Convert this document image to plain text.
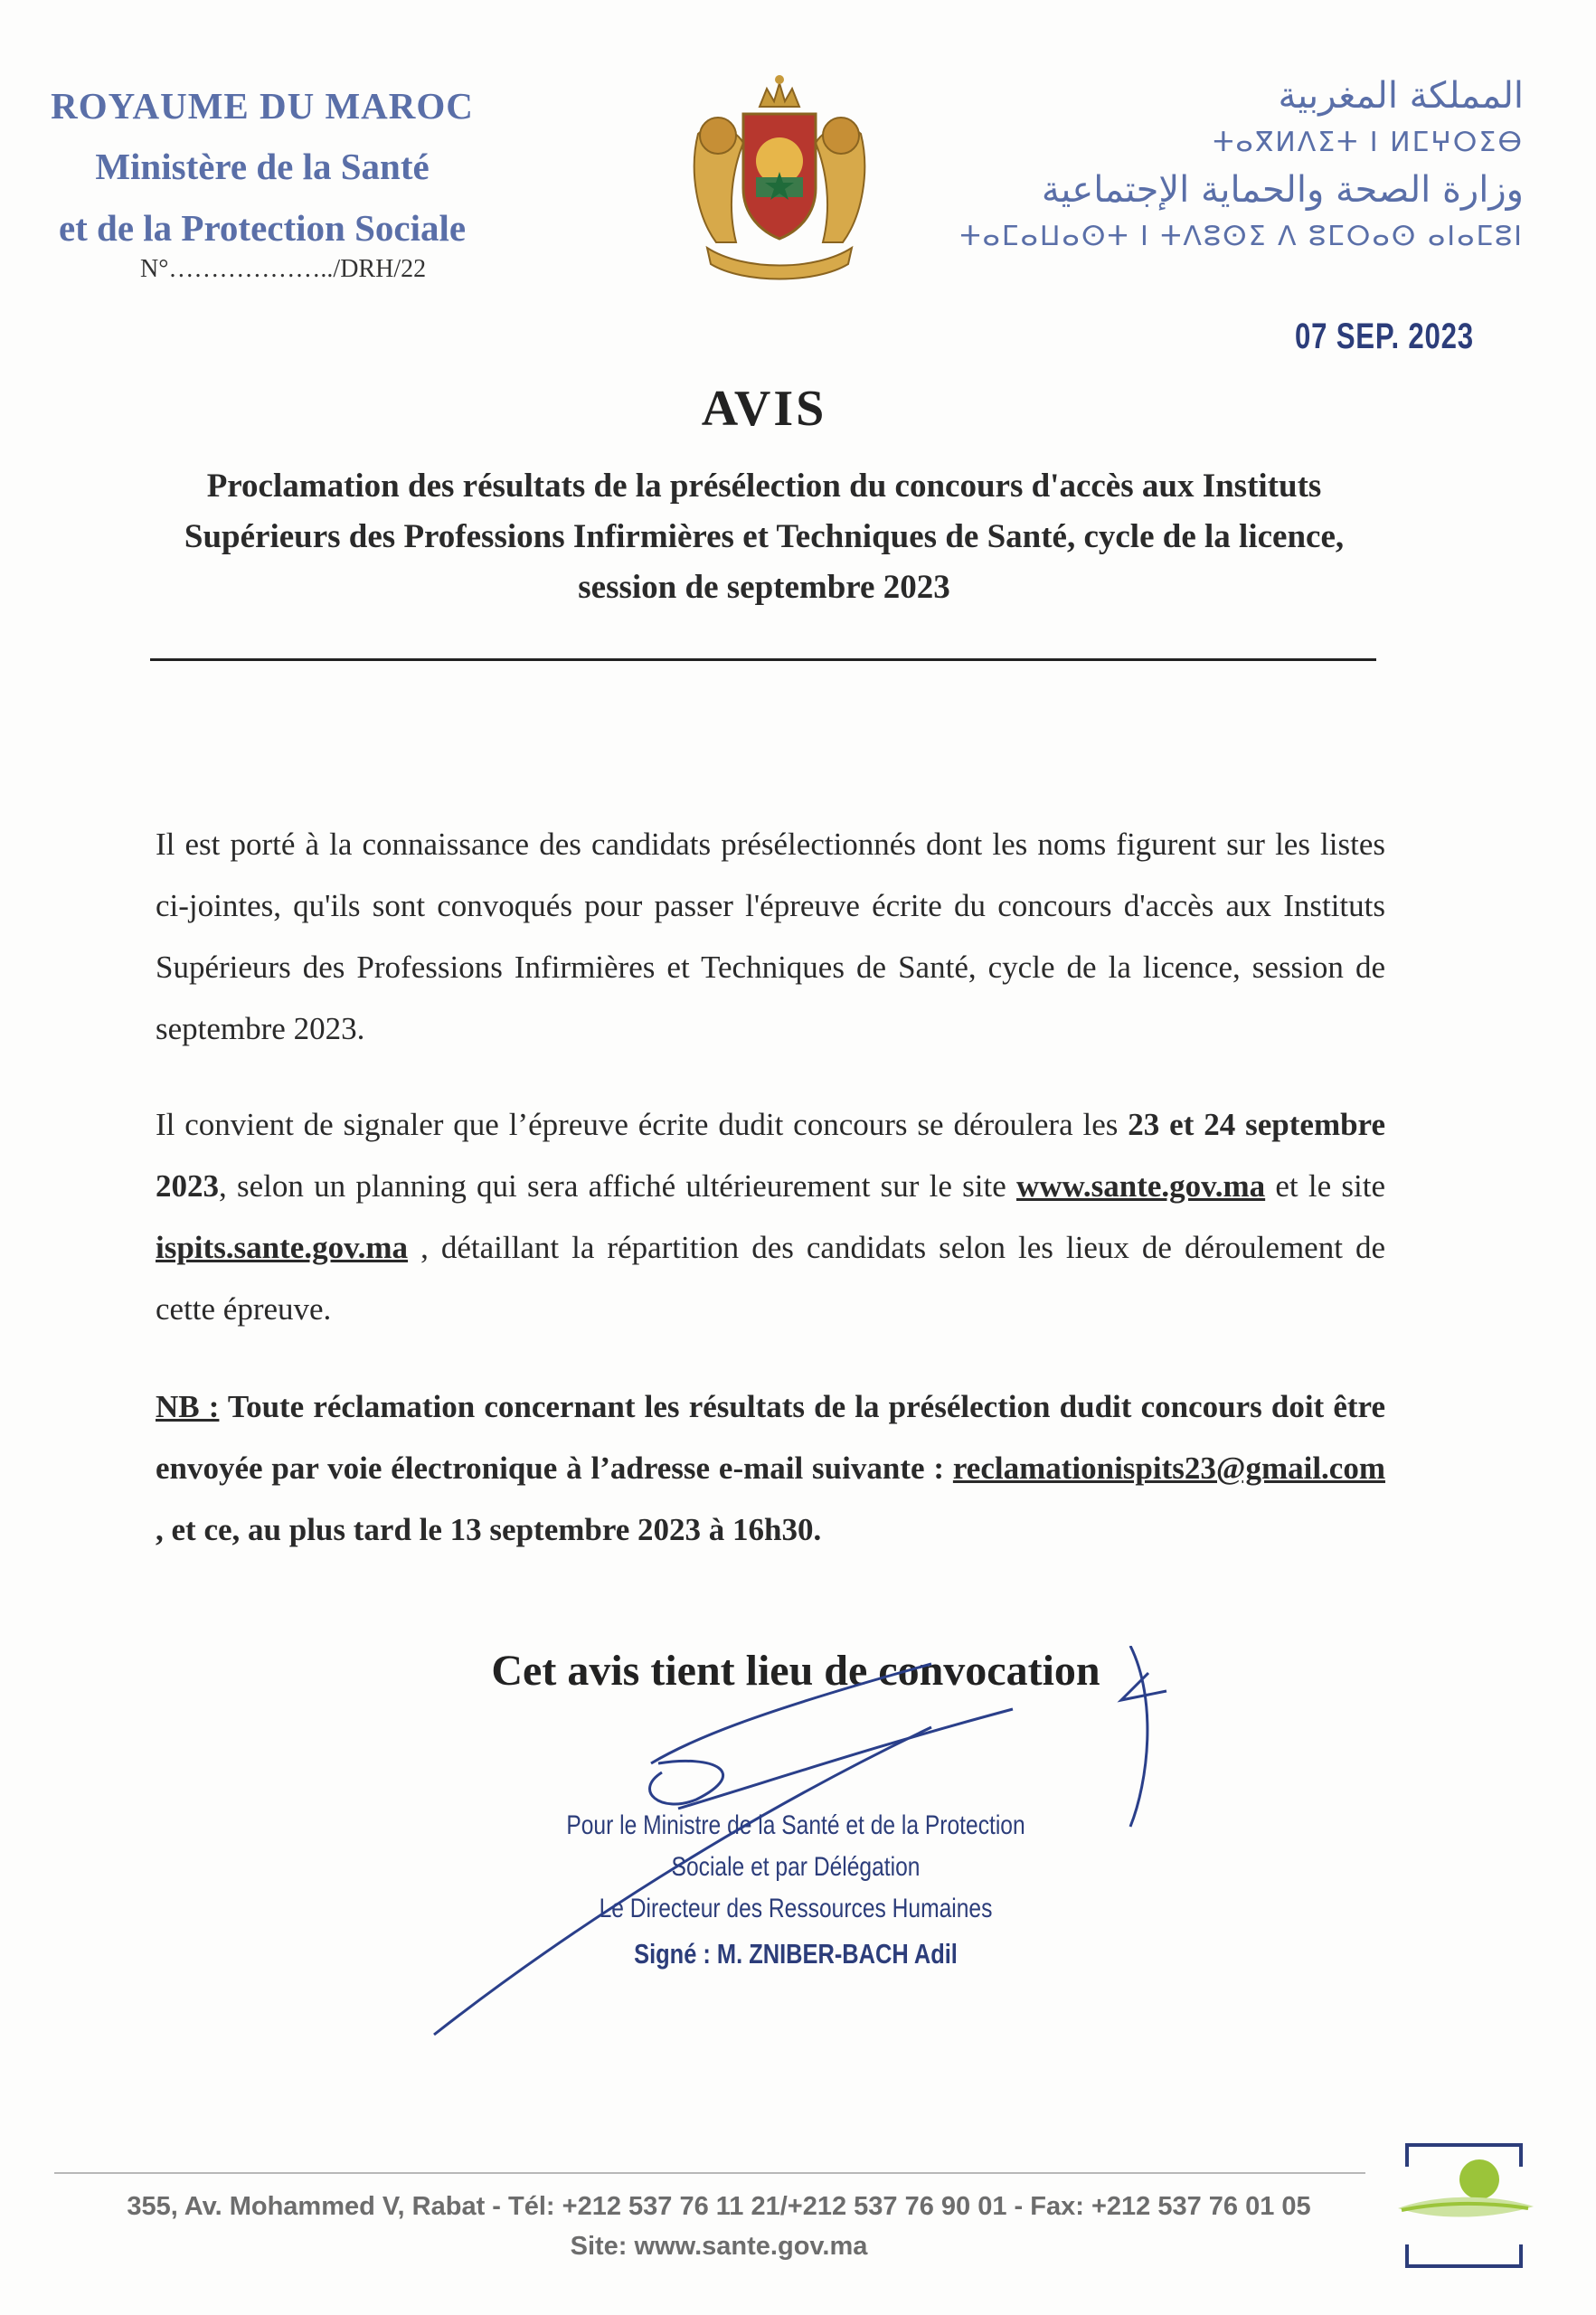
ROYAUME DU MAROC
Ministère de la Santé
et de la Protection Sociale
N°………………../DRH/22
المملكة المغربية
ⵜⴰⴳⵍⴷⵉⵜ ⵏ ⵍⵎⵖⵔⵉⴱ
وزارة الصحة والحماية الإجتماعية
ⵜⴰⵎⴰⵡⴰⵙⵜ ⵏ ⵜⴷⵓⵙⵉ ⴷ ⵓⵎⵔⴰⵙ ⴰⵏⴰⵎⵓⵏ
07 SEP. 2023
AVIS
Proclamation des résultats de la présélection du concours d'accès aux Instituts Supérieurs des Professions Infirmières et Techniques de Santé, cycle de la licence, session de septembre 2023
Il est porté à la connaissance des candidats présélectionnés dont les noms figurent sur les listes ci-jointes, qu'ils sont convoqués pour passer l'épreuve écrite du concours d'accès aux Instituts Supérieurs des Professions Infirmières et Techniques de Santé, cycle de la licence, session de septembre 2023.
Il convient de signaler que l’épreuve écrite dudit concours se déroulera les 23 et 24 septembre 2023, selon un planning qui sera affiché ultérieurement sur le site www.sante.gov.ma et le site ispits.sante.gov.ma , détaillant la répartition des candidats selon les lieux de déroulement de cette épreuve.
NB : Toute réclamation concernant les résultats de la présélection dudit concours doit être envoyée par voie électronique à l’adresse e-mail suivante : reclamationispits23@gmail.com , et ce, au plus tard le 13 septembre 2023 à 16h30.
Cet avis tient lieu de convocation
Pour le Ministre de la Santé et de la Protection
Sociale et par Délégation
Le Directeur des Ressources Humaines
Signé : M. ZNIBER-BACH Adil
355, Av. Mohammed V, Rabat - Tél: +212 537 76 11 21/+212 537 76 90 01 - Fax: +212 537 76 01 05
Site: www.sante.gov.ma
